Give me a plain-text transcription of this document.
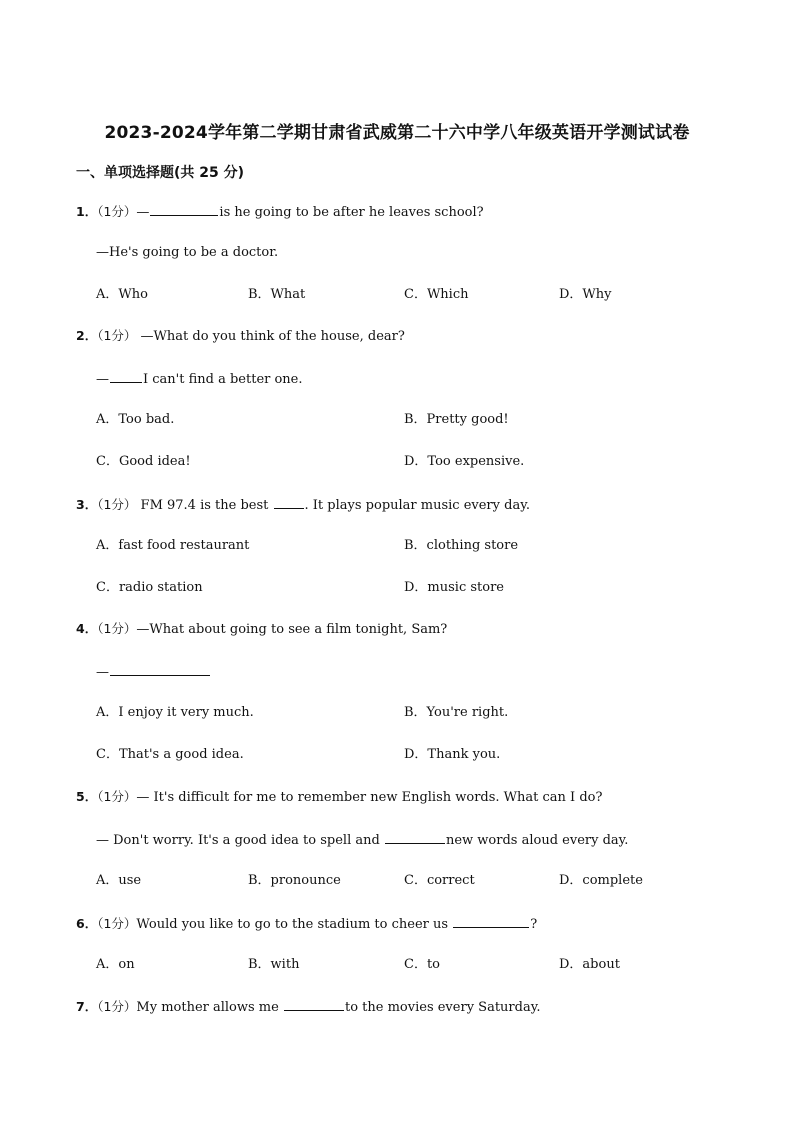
2023-2024学年第二学期甘肃省武威第二十六中学八年级英语开学测试试卷
一、单项选择题(共 25 分)
1．（1分）—	is he going to be after he leaves school?
—He's going to be a doctor.
A．Who	B．What	C．Which	D．Why
2．（1分） —What do you think of the house, dear?
—	I can't find a better one.
A．Too bad.	B．Pretty good!
C．Good idea!	D．Too expensive.
3．（1分） FM 97.4 is the best	. It plays popular music every day.
A．fast food restaurant	B．clothing store
C．radio station	D．music store
4．（1分）—What about going to see a film tonight, Sam?
—
A．I enjoy it very much.	B．You're right.
C．That's a good idea.	D．Thank you.
5．（1分）— It's difficult for me to remember new English words. What can I do?
— Don't worry. It's a good idea to spell and	new words aloud every day.
A．use	B．pronounce	C．correct	D．complete
6．（1分）Would you like to go to the stadium to cheer us	?
A．on	B．with	C．to	D．about
7．（1分）My mother allows me	to the movies every Saturday.
